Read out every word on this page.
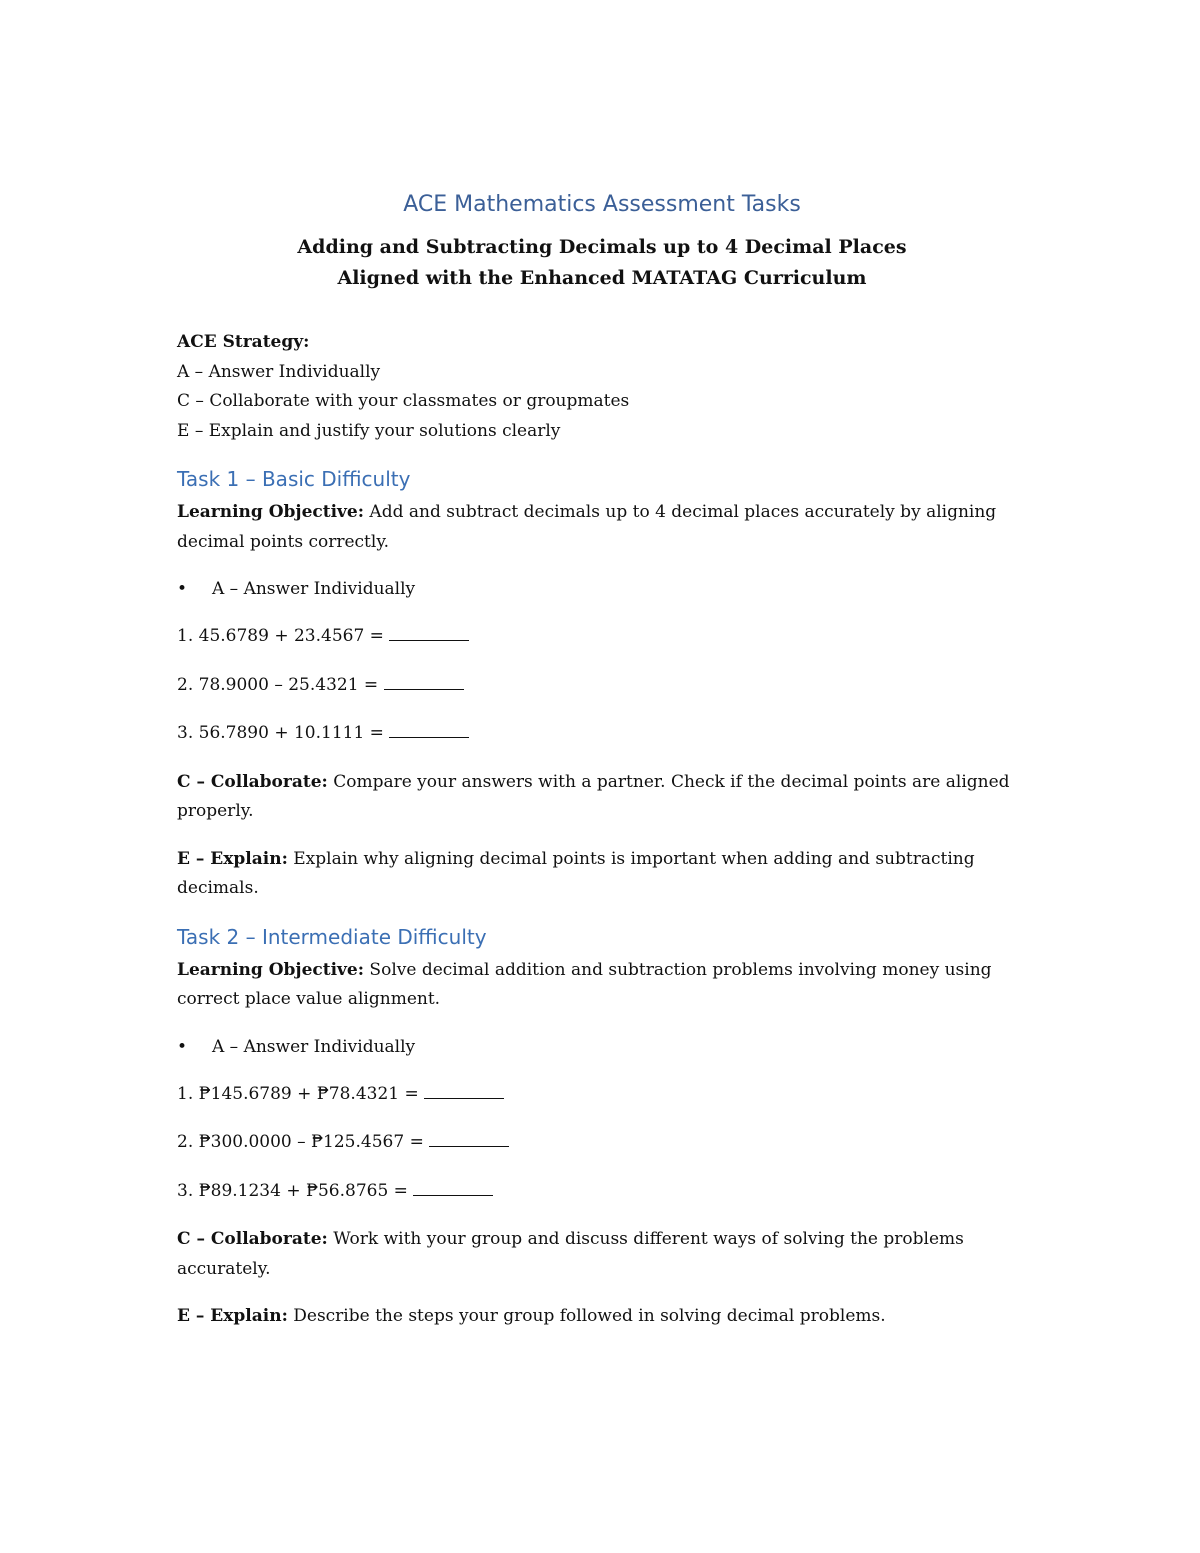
ACE Mathematics Assessment Tasks

Adding and Subtracting Decimals up to 4 Decimal Places

Aligned with the Enhanced MATATAG Curriculum

ACE Strategy:
A – Answer Individually
C – Collaborate with your classmates or groupmates
E – Explain and justify your solutions clearly
Task 1 – Basic Difficulty

Learning Objective: Add and subtract decimals up to 4 decimal places accurately by aligning decimal points correctly.

•	A – Answer Individually
1. 45.6789 + 23.4567 =
2. 78.9000 – 25.4321 =
3. 56.7890 + 10.1111 =

C – Collaborate: Compare your answers with a partner. Check if the decimal points are aligned properly.

E – Explain: Explain why aligning decimal points is important when adding and subtracting decimals.

Task 2 – Intermediate Difficulty

Learning Objective: Solve decimal addition and subtraction problems involving money using correct place value alignment.

•	A – Answer Individually
1. ₱145.6789 + ₱78.4321 =
2. ₱300.0000 – ₱125.4567 =
3. ₱89.1234 + ₱56.8765 =

C – Collaborate: Work with your group and discuss different ways of solving the problems accurately.

E – Explain: Describe the steps your group followed in solving decimal problems.
